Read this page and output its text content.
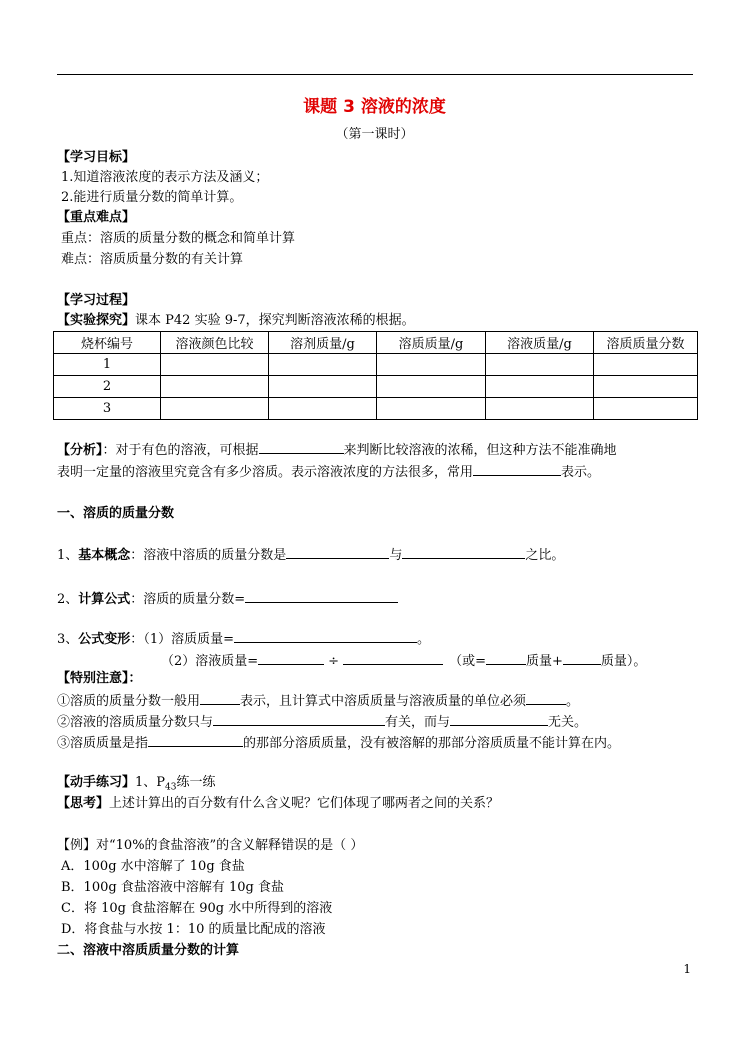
课题 3 溶液的浓度
（第一课时）
【学习目标】
1.知道溶液浓度的表示方法及涵义；
2.能进行质量分数的简单计算。
【重点难点】
重点：溶质的质量分数的概念和简单计算
难点：溶质质量分数的有关计算
【学习过程】
【实验探究】课本 P42 实验 9-7，探究判断溶液浓稀的根据。
烧杯编号	溶液颜色比较	溶剂质量/g	溶质质量/g	溶液质量/g	溶质质量分数
1					
2					
3					
【分析】：对于有色的溶液，可根据	来判断比较溶液的浓稀，但这种方法不能准确地
表明一定量的溶液里究竟含有多少溶质。表示溶液浓度的方法很多，常用	表示。
一、溶质的质量分数
1、基本概念：溶液中溶质的质量分数是	与	之比。
2、计算公式：溶质的质量分数=
3、公式变形：（1）溶质质量=	。
（2）溶液质量=	÷	（或=	质量+	质量）。
【特别注意】：
①溶质的质量分数一般用	表示，且计算式中溶质质量与溶液质量的单位必须	。
②溶液的溶质质量分数只与	有关，而与	无关。
③溶质质量是指	的那部分溶质质量，没有被溶解的那部分溶质质量不能计算在内。
【动手练习】1、$P_{43}$练一练
【思考】上述计算出的百分数有什么含义呢？它们体现了哪两者之间的关系？
【例】对“10%的食盐溶液”的含义解释错误的是（ ）
A．100g 水中溶解了 10g 食盐
B．100g 食盐溶液中溶解有 10g 食盐
C．将 10g 食盐溶解在 90g 水中所得到的溶液
D．将食盐与水按 1：10 的质量比配成的溶液
二、溶液中溶质质量分数的计算
1
